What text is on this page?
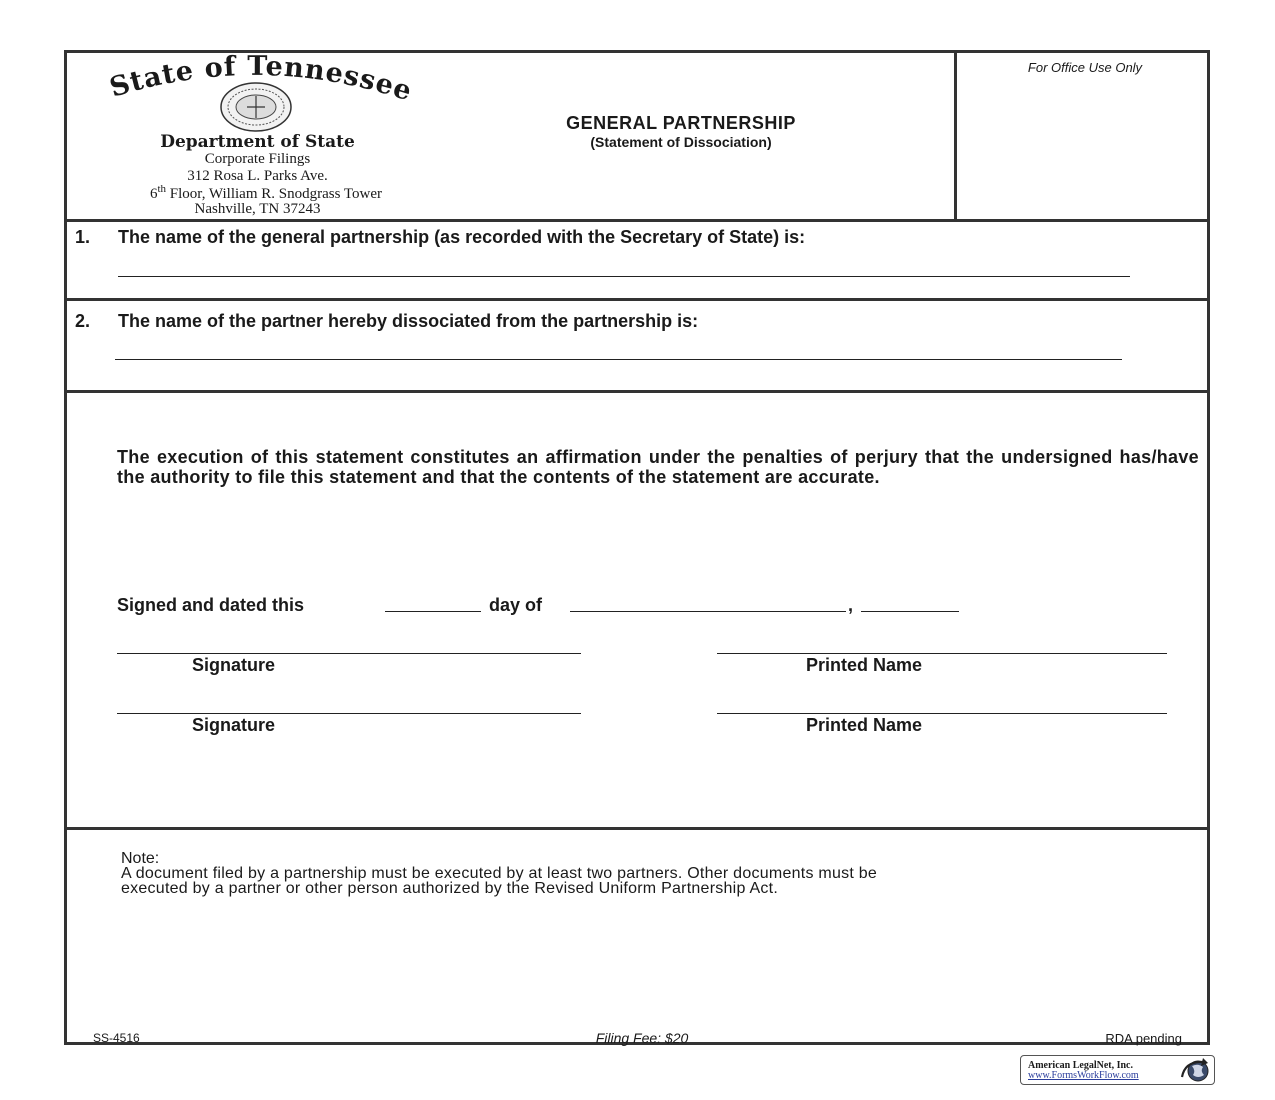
State of Tennessee
Department of State
Corporate Filings
312 Rosa L. Parks Ave.
6th Floor, William R. Snodgrass Tower
Nashville, TN 37243
GENERAL PARTNERSHIP
(Statement of Dissociation)
For Office Use Only
1. The name of the general partnership (as recorded with the Secretary of State) is:
2. The name of the partner hereby dissociated from the partnership is:
The execution of this statement constitutes an affirmation under the penalties of perjury that the undersigned has/have the authority to file this statement and that the contents of the statement are accurate.
Signed and dated this	day of	,
Signature	Printed Name
Signature	Printed Name
Note:
A document filed by a partnership must be executed by at least two partners. Other documents must be
executed by a partner or other person authorized by the Revised Uniform Partnership Act.
SS-4516	Filing Fee: $20	RDA pending
American LegalNet, Inc.
www.FormsWorkFlow.com
